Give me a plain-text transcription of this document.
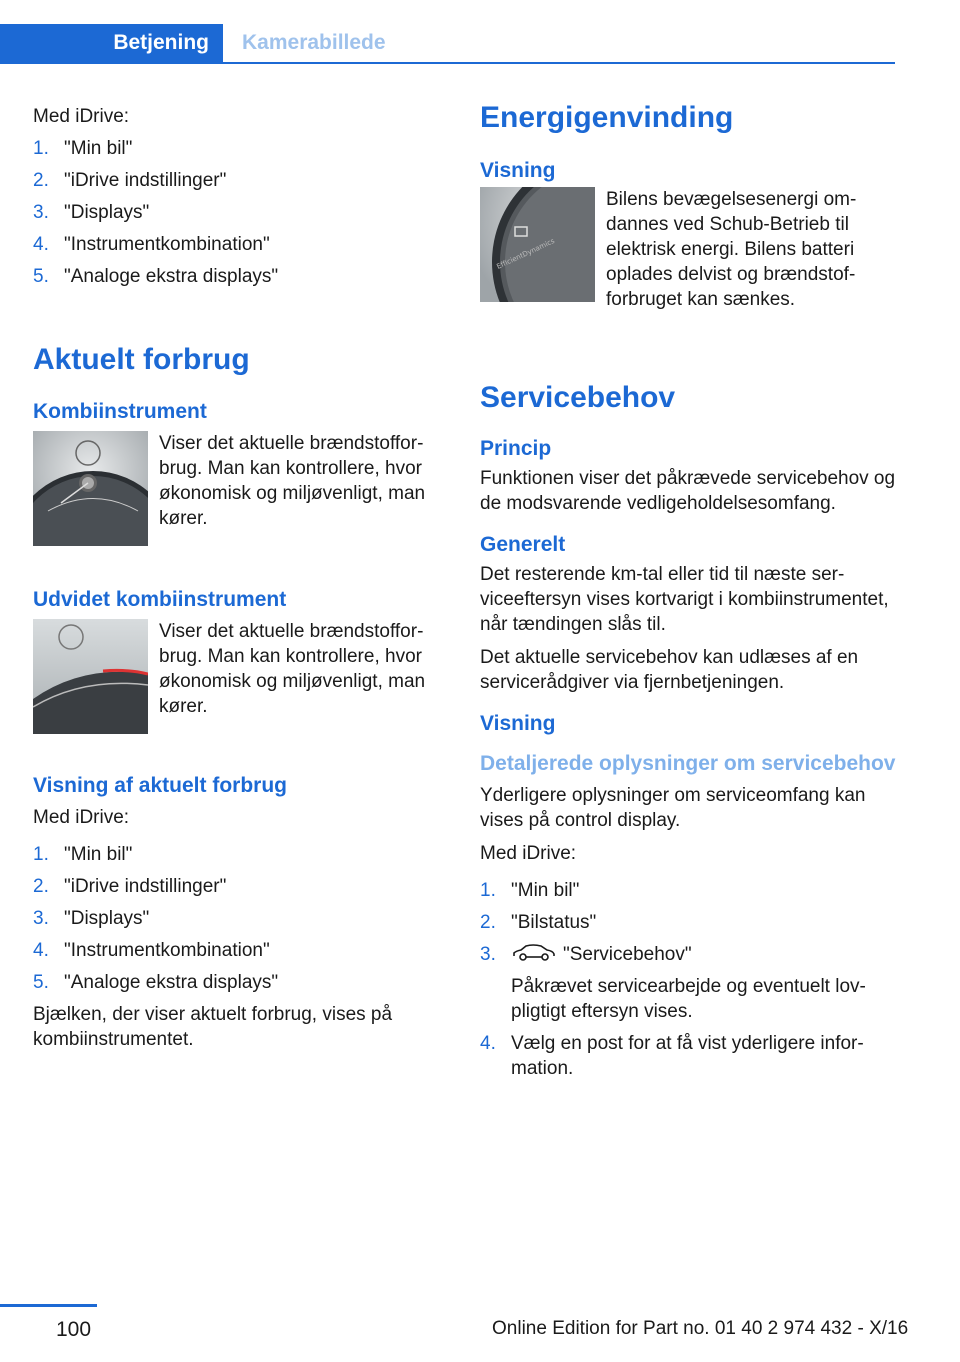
Betjening Kamerabillede

Med iDrive:

1. "Min bil"
2. "iDrive indstillinger"
3. "Displays"
4. "Instrumentkombination"
5. "Analoge ekstra displays"
Aktuelt forbrug
Kombiinstrument

Viser det aktuelle brændstofforbrug. Man kan kontrollere, hvor økonomisk og miljøvenligt, man kører.

Udvidet kombiinstrument

Viser det aktuelle brændstofforbrug. Man kan kontrollere, hvor økonomisk og miljøvenligt, man kører.

Visning af aktuelt forbrug

Med iDrive:

1. "Min bil"
2. "iDrive indstillinger"
3. "Displays"
4. "Instrumentkombination"
5. "Analoge ekstra displays"

Bjælken, der viser aktuelt forbrug, vises på kombiinstrumentet.

Energigenvinding
Visning
EfficientDynamics

Bilens bevægelsesenergi omdannes ved Schub-Betrieb til elektrisk energi. Bilens batteri oplades delvist og brændstofforbruget kan sænkes.

Servicebehov
Princip

Funktionen viser det påkrævede servicebehov og de modsvarende vedligeholdelsesomfang.

Generelt

Det resterende km-tal eller tid til næste serviceeftersyn vises kortvarigt i kombiinstrumentet, når tændingen slås til.

Det aktuelle servicebehov kan udlæses af en servicerådgiver via fjernbetjeningen.

Visning
Detaljerede oplysninger om servicebehov

Yderligere oplysninger om serviceomfang kan vises på control display.

Med iDrive:

1. "Min bil"
2. "Bilstatus"
3.	"Servicebehov"
Påkrævet servicearbejde og eventuelt lovpligtigt eftersyn vises.
4. Vælg en post for at få vist yderligere information.
100	Online Edition for Part no. 01 40 2 974 432 - X/16
